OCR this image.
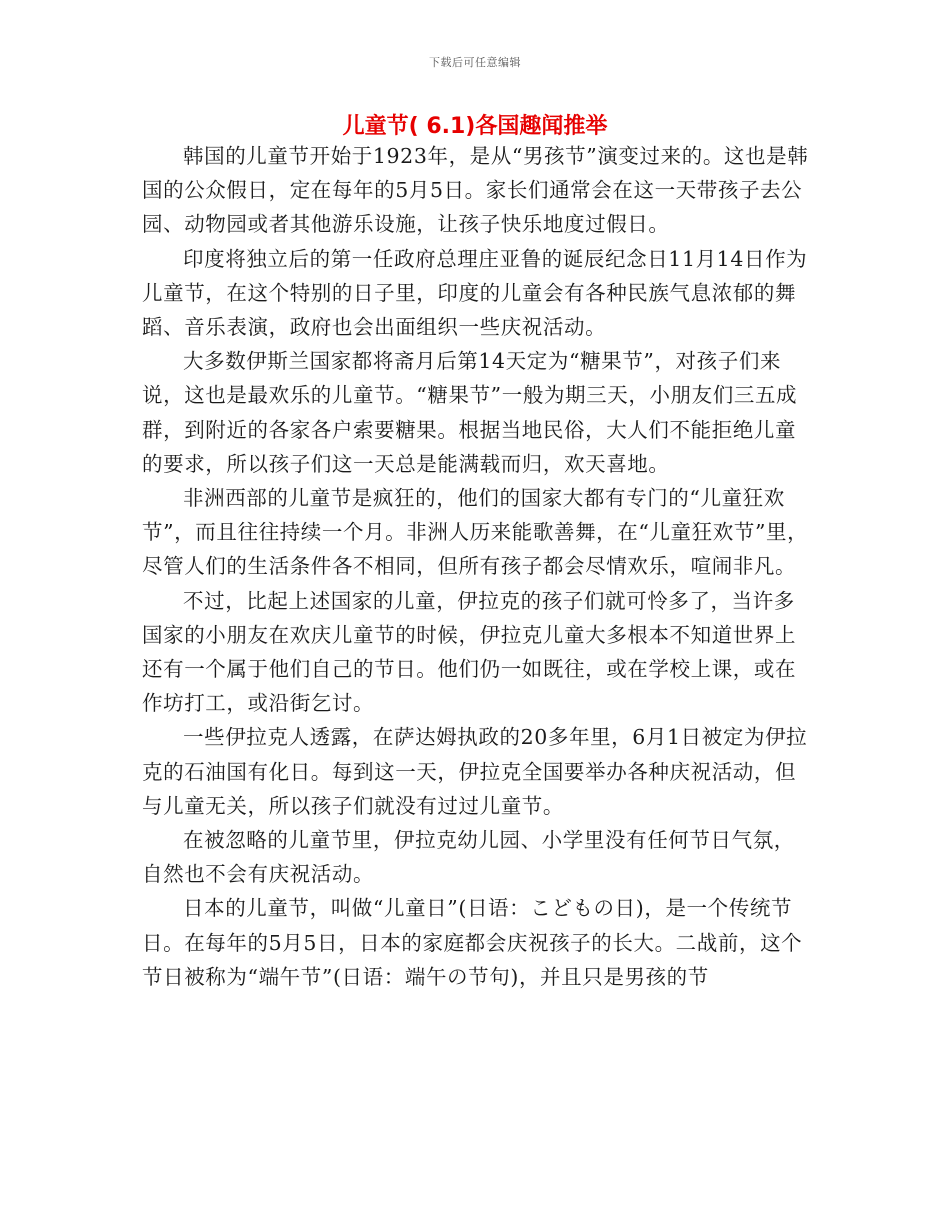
下载后可任意编辑
儿童节( 6.1)各国趣闻推举

韩国的儿童节开始于1923年，是从“男孩节”演变过来的。这也是韩国的公众假日，定在每年的5月5日。家长们通常会在这一天带孩子去公园、动物园或者其他游乐设施，让孩子快乐地度过假日。

印度将独立后的第一任政府总理庄亚鲁的诞辰纪念日11月14日作为儿童节，在这个特别的日子里，印度的儿童会有各种民族气息浓郁的舞蹈、音乐表演，政府也会出面组织一些庆祝活动。

大多数伊斯兰国家都将斋月后第14天定为“糖果节”，对孩子们来说，这也是最欢乐的儿童节。“糖果节”一般为期三天，小朋友们三五成群，到附近的各家各户索要糖果。根据当地民俗，大人们不能拒绝儿童的要求，所以孩子们这一天总是能满载而归，欢天喜地。

非洲西部的儿童节是疯狂的，他们的国家大都有专门的“儿童狂欢节”，而且往往持续一个月。非洲人历来能歌善舞，在“儿童狂欢节”里，尽管人们的生活条件各不相同，但所有孩子都会尽情欢乐，喧闹非凡。

不过，比起上述国家的儿童，伊拉克的孩子们就可怜多了，当许多国家的小朋友在欢庆儿童节的时候，伊拉克儿童大多根本不知道世界上还有一个属于他们自己的节日。他们仍一如既往，或在学校上课，或在作坊打工，或沿街乞讨。

一些伊拉克人透露，在萨达姆执政的20多年里，6月1日被定为伊拉克的石油国有化日。每到这一天，伊拉克全国要举办各种庆祝活动，但与儿童无关，所以孩子们就没有过过儿童节。

在被忽略的儿童节里，伊拉克幼儿园、小学里没有任何节日气氛，自然也不会有庆祝活动。

日本的儿童节，叫做“儿童日”(日语：こどもの日)，是一个传统节日。在每年的5月5日，日本的家庭都会庆祝孩子的长大。二战前，这个节日被称为“端午节”(日语：端午の节句)，并且只是男孩的节
